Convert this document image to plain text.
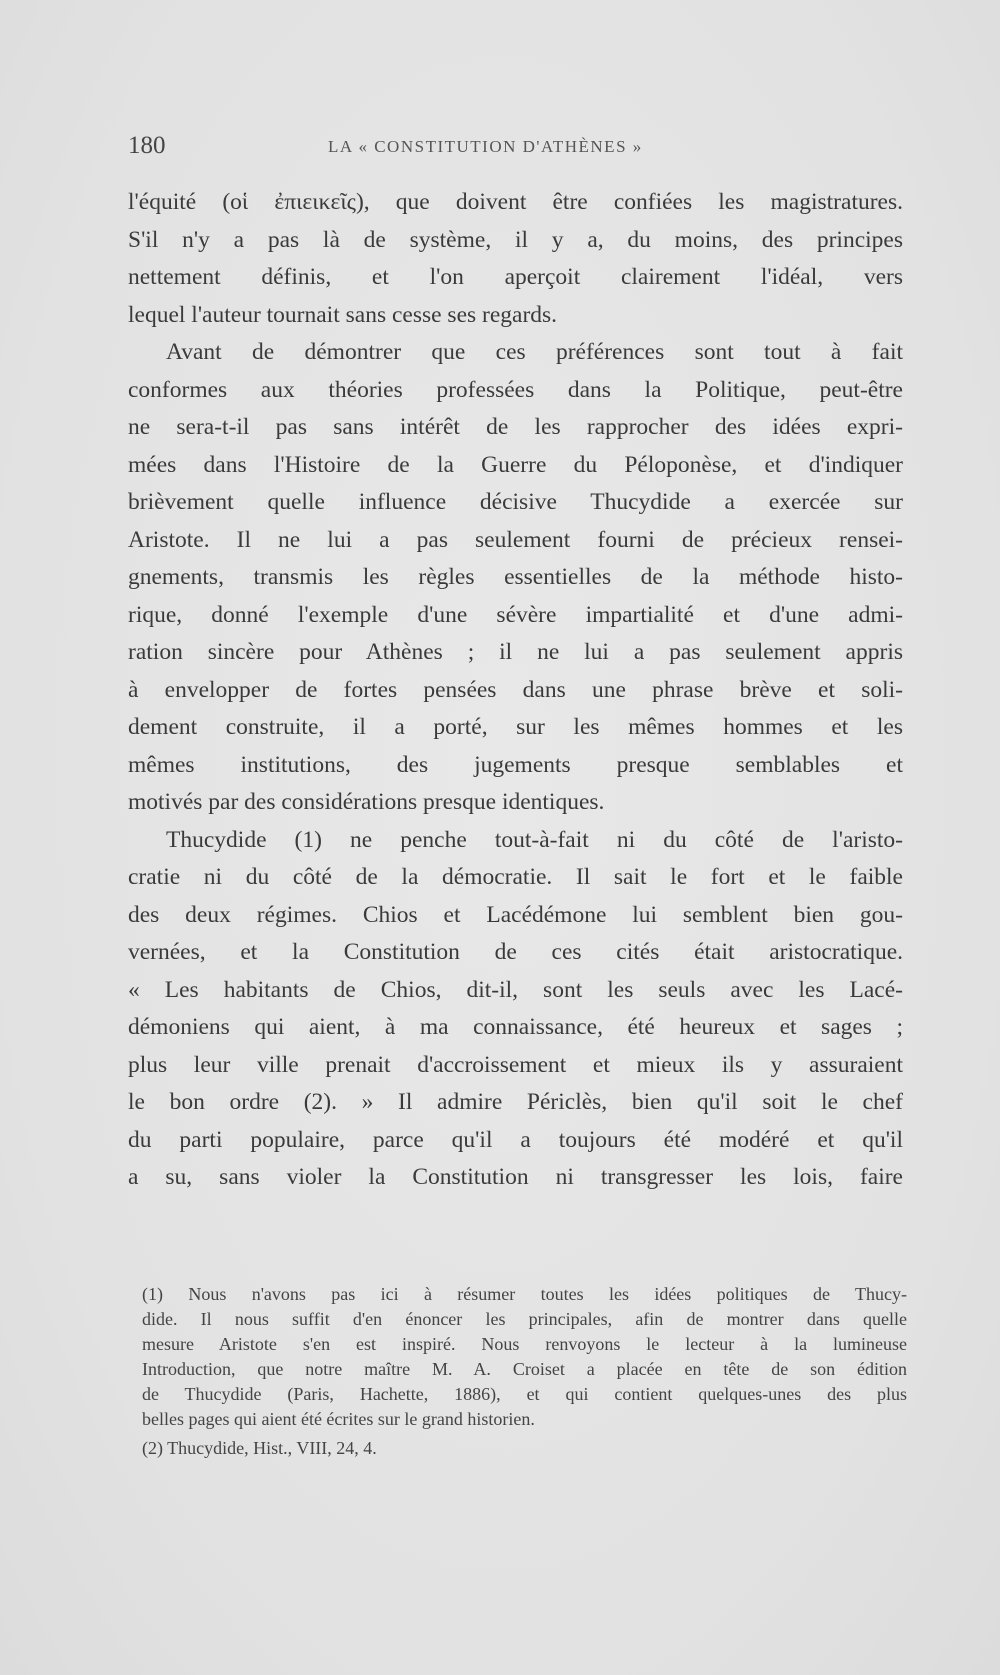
180	LA « CONSTITUTION D'ATHÈNES »

l'équité (οἱ ἐπιεικεῖς), que doivent être confiées les magistratures.
S'il n'y a pas là de système, il y a, du moins, des principes
nettement définis, et l'on aperçoit clairement l'idéal, vers
lequel l'auteur tournait sans cesse ses regards.

Avant de démontrer que ces préférences sont tout à fait
conformes aux théories professées dans la Politique, peut-être
ne sera-t-il pas sans intérêt de les rapprocher des idées expri-
mées dans l'Histoire de la Guerre du Péloponèse, et d'indiquer
brièvement quelle influence décisive Thucydide a exercée sur
Aristote. Il ne lui a pas seulement fourni de précieux rensei-
gnements, transmis les règles essentielles de la méthode histo-
rique, donné l'exemple d'une sévère impartialité et d'une admi-
ration sincère pour Athènes ; il ne lui a pas seulement appris
à envelopper de fortes pensées dans une phrase brève et soli-
dement construite, il a porté, sur les mêmes hommes et les
mêmes institutions, des jugements presque semblables et
motivés par des considérations presque identiques.

Thucydide (1) ne penche tout-à-fait ni du côté de l'aristo-
cratie ni du côté de la démocratie. Il sait le fort et le faible
des deux régimes. Chios et Lacédémone lui semblent bien gou-
vernées, et la Constitution de ces cités était aristocratique.
« Les habitants de Chios, dit-il, sont les seuls avec les Lacé-
démoniens qui aient, à ma connaissance, été heureux et sages ;
plus leur ville prenait d'accroissement et mieux ils y assuraient
le bon ordre (2). » Il admire Périclès, bien qu'il soit le chef
du parti populaire, parce qu'il a toujours été modéré et qu'il
a su, sans violer la Constitution ni transgresser les lois, faire

(1) Nous n'avons pas ici à résumer toutes les idées politiques de Thucy-
dide. Il nous suffit d'en énoncer les principales, afin de montrer dans quelle
mesure Aristote s'en est inspiré. Nous renvoyons le lecteur à la lumineuse
Introduction, que notre maître M. A. Croiset a placée en tête de son édition
de Thucydide (Paris, Hachette, 1886), et qui contient quelques-unes des plus
belles pages qui aient été écrites sur le grand historien.
(2) Thucydide, Hist., VIII, 24, 4.
